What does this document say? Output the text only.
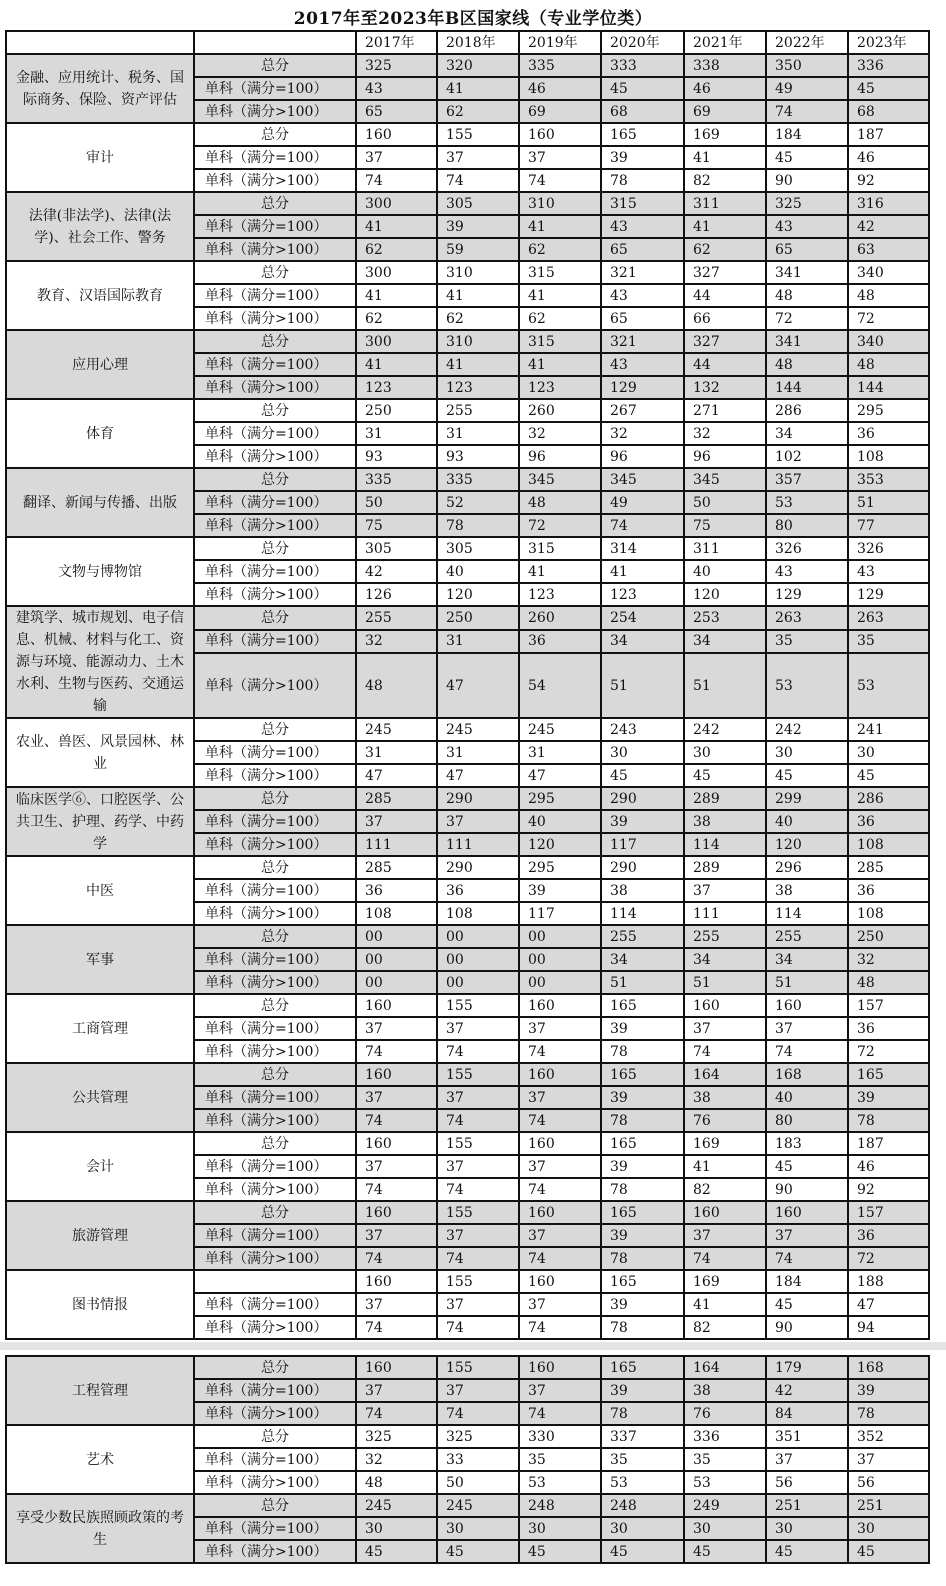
2017年至2023年B区国家线（专业学位类）
		2017年	2018年	2019年	2020年	2021年	2022年	2023年
金融、应用统计、税务、国际商务、保险、资产评估	总分	325	320	335	333	338	350	336
	单科（满分=100）	43	41	46	45	46	49	45
	单科（满分>100）	65	62	69	68	69	74	68
审计	总分	160	155	160	165	169	184	187
	单科（满分=100）	37	37	37	39	41	45	46
	单科（满分>100）	74	74	74	78	82	90	92
法律(非法学)、法律(法学)、社会工作、警务	总分	300	305	310	315	311	325	316
	单科（满分=100）	41	39	41	43	41	43	42
	单科（满分>100）	62	59	62	65	62	65	63
教育、汉语国际教育	总分	300	310	315	321	327	341	340
	单科（满分=100）	41	41	41	43	44	48	48
	单科（满分>100）	62	62	62	65	66	72	72
应用心理	总分	300	310	315	321	327	341	340
	单科（满分=100）	41	41	41	43	44	48	48
	单科（满分>100）	123	123	123	129	132	144	144
体育	总分	250	255	260	267	271	286	295
	单科（满分=100）	31	31	32	32	32	34	36
	单科（满分>100）	93	93	96	96	96	102	108
翻译、新闻与传播、出版	总分	335	335	345	345	345	357	353
	单科（满分=100）	50	52	48	49	50	53	51
	单科（满分>100）	75	78	72	74	75	80	77
文物与博物馆	总分	305	305	315	314	311	326	326
	单科（满分=100）	42	40	41	41	40	43	43
	单科（满分>100）	126	120	123	123	120	129	129
建筑学、城市规划、电子信息、机械、材料与化工、资源与环境、能源动力、土木水利、生物与医药、交通运输	总分	255	250	260	254	253	263	263
	单科（满分=100）	32	31	36	34	34	35	35
	单科（满分>100）	48	47	54	51	51	53	53
农业、兽医、风景园林、林业	总分	245	245	245	243	242	242	241
	单科（满分=100）	31	31	31	30	30	30	30
	单科（满分>100）	47	47	47	45	45	45	45
临床医学⑥、口腔医学、公共卫生、护理、药学、中药学	总分	285	290	295	290	289	299	286
	单科（满分=100）	37	37	40	39	38	40	36
	单科（满分>100）	111	111	120	117	114	120	108
中医	总分	285	290	295	290	289	296	285
	单科（满分=100）	36	36	39	38	37	38	36
	单科（满分>100）	108	108	117	114	111	114	108
军事	总分	00	00	00	255	255	255	250
	单科（满分=100）	00	00	00	34	34	34	32
	单科（满分>100）	00	00	00	51	51	51	48
工商管理	总分	160	155	160	165	160	160	157
	单科（满分=100）	37	37	37	39	37	37	36
	单科（满分>100）	74	74	74	78	74	74	72
公共管理	总分	160	155	160	165	164	168	165
	单科（满分=100）	37	37	37	39	38	40	39
	单科（满分>100）	74	74	74	78	76	80	78
会计	总分	160	155	160	165	169	183	187
	单科（满分=100）	37	37	37	39	41	45	46
	单科（满分>100）	74	74	74	78	82	90	92
旅游管理	总分	160	155	160	165	160	160	157
	单科（满分=100）	37	37	37	39	37	37	36
	单科（满分>100）	74	74	74	78	74	74	72
图书情报		160	155	160	165	169	184	188
	单科（满分=100）	37	37	37	39	41	45	47
	单科（满分>100）	74	74	74	78	82	90	94
工程管理	总分	160	155	160	165	164	179	168
	单科（满分=100）	37	37	37	39	38	42	39
	单科（满分>100）	74	74	74	78	76	84	78
艺术	总分	325	325	330	337	336	351	352
	单科（满分=100）	32	33	35	35	35	37	37
	单科（满分>100）	48	50	53	53	53	56	56
享受少数民族照顾政策的考生	总分	245	245	248	248	249	251	251
	单科（满分=100）	30	30	30	30	30	30	30
	单科（满分>100）	45	45	45	45	45	45	45
